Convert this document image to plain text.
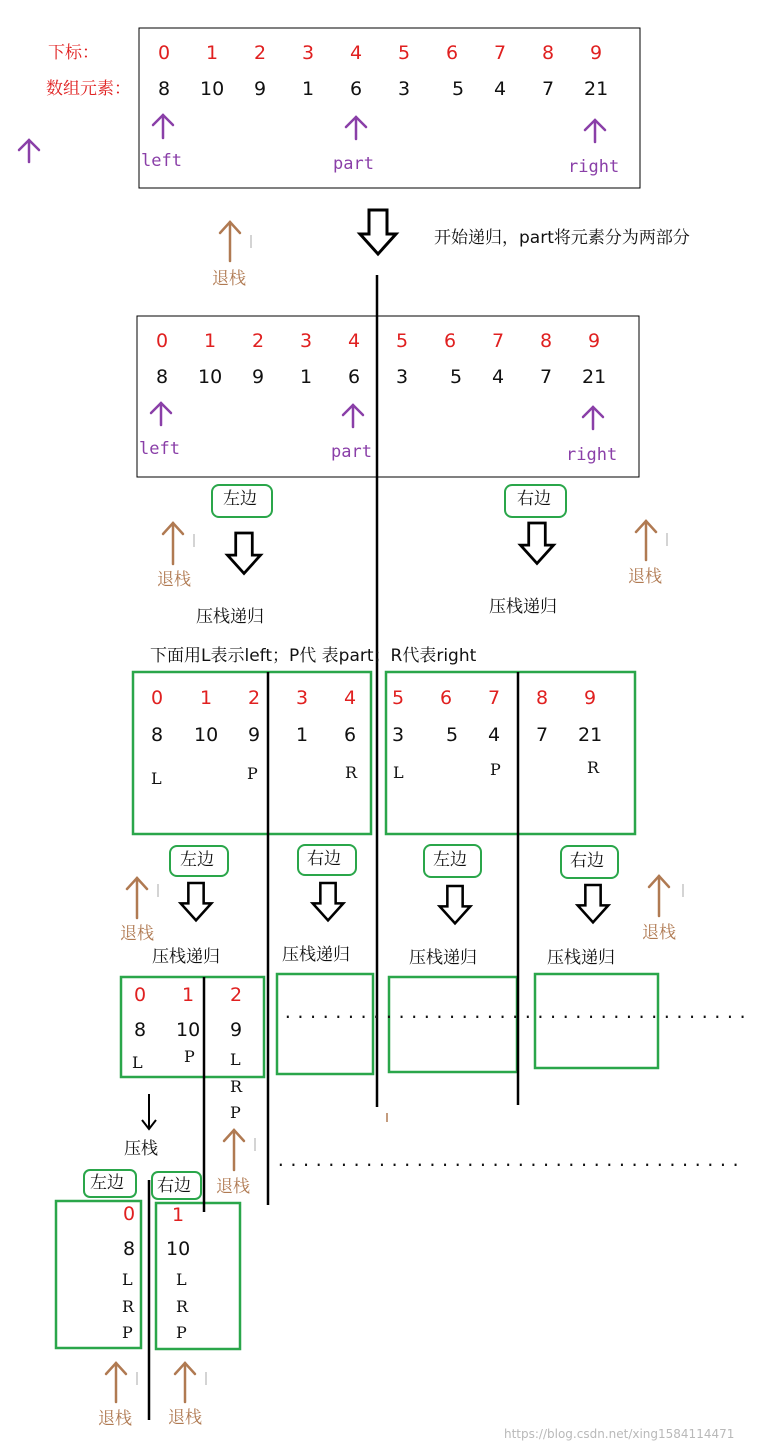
下标：
数组元素：
0 1 2 3 4 5 6 7 8 9
8 10 9 1 6 3 5 4 7 21
left	part	right
开始递归，part将元素分为两部分
退栈
0 1 2 3 4 5 6 7 8 9
8 10 9 1 6 3 5 4 7 21
left	part	right
左边	右边
退栈	退栈
压栈递归	压栈递归
下面用L表示left；P代 表part；R代表right
0 1 2 3 4
8 10 9 1 6
L	P	R
5 6 7 8 9
3 5 4 7 21
L	P	R
左边	右边	左边	右边
退栈	退栈
压栈递归	压栈递归	压栈递归	压栈递归
0 1 2
8 10 9
L	P L
R
P
.....................................
.....................................
压栈
退栈
左边 右边
0
8
L
R
P
1
10
L
R
P
退栈 退栈
https://blog.csdn.net/xing1584114471
